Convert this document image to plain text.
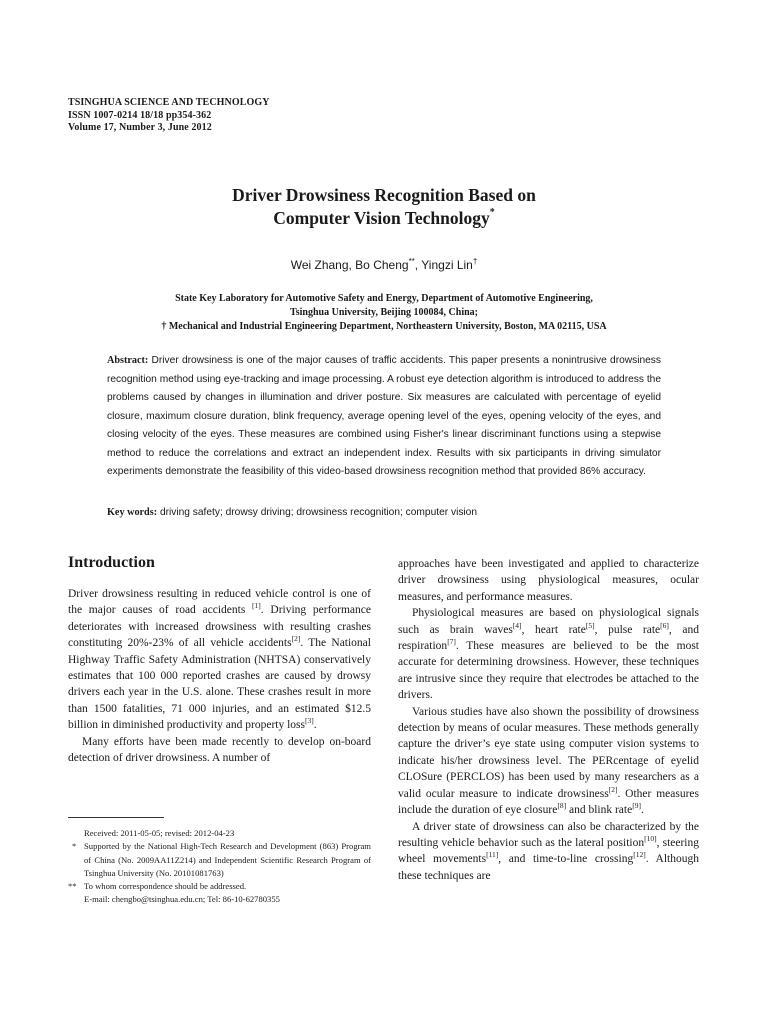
TSINGHUA SCIENCE AND TECHNOLOGY
ISSN 1007-0214 18/18 pp354-362
Volume 17, Number 3, June 2012
Driver Drowsiness Recognition Based on
Computer Vision Technology*
Wei Zhang, Bo Cheng**, Yingzi Lin†
State Key Laboratory for Automotive Safety and Energy, Department of Automotive Engineering,
Tsinghua University, Beijing 100084, China;
† Mechanical and Industrial Engineering Department, Northeastern University, Boston, MA 02115, USA
Abstract: Driver drowsiness is one of the major causes of traffic accidents. This paper presents a nonintrusive drowsiness recognition method using eye-tracking and image processing. A robust eye detection algorithm is introduced to address the problems caused by changes in illumination and driver posture. Six measures are calculated with percentage of eyelid closure, maximum closure duration, blink frequency, average opening level of the eyes, opening velocity of the eyes, and closing velocity of the eyes. These measures are combined using Fisher's linear discriminant functions using a stepwise method to reduce the correlations and extract an independent index. Results with six participants in driving simulator experiments demonstrate the feasibility of this video-based drowsiness recognition method that provided 86% accuracy.
Key words: driving safety; drowsy driving; drowsiness recognition; computer vision
Introduction

Driver drowsiness resulting in reduced vehicle control is one of the major causes of road accidents [1]. Driving performance deteriorates with increased drowsiness with resulting crashes constituting 20%-23% of all vehicle accidents[2]. The National Highway Traffic Safety Administration (NHTSA) conservatively estimates that 100 000 reported crashes are caused by drowsy drivers each year in the U.S. alone. These crashes result in more than 1500 fatalities, 71 000 injuries, and an estimated $12.5 billion in diminished productivity and property loss[3].

Many efforts have been made recently to develop on-board detection of driver drowsiness. A number of

approaches have been investigated and applied to characterize driver drowsiness using physiological measures, ocular measures, and performance measures.

Physiological measures are based on physiological signals such as brain waves[4], heart rate[5], pulse rate[6], and respiration[7]. These measures are believed to be the most accurate for determining drowsiness. However, these techniques are intrusive since they require that electrodes be attached to the drivers.

Various studies have also shown the possibility of drowsiness detection by means of ocular measures. These methods generally capture the driver’s eye state using computer vision systems to indicate his/her drowsiness level. The PERcentage of eyelid CLOSure (PERCLOS) has been used by many researchers as a valid ocular measure to indicate drowsiness[2]. Other measures include the duration of eye closure[8] and blink rate[9].

A driver state of drowsiness can also be characterized by the resulting vehicle behavior such as the lateral position[10], steering wheel movements[11], and time-to-line crossing[12]. Although these techniques are

Received: 2011-05-05; revised: 2012-04-23
* Supported by the National High-Tech Research and Development (863) Program of China (No. 2009AA11Z214) and Independent Scientific Research Program of Tsinghua University (No. 20101081763)
** To whom correspondence should be addressed.
E-mail: chengbo@tsinghua.edu.cn; Tel: 86-10-62780355
